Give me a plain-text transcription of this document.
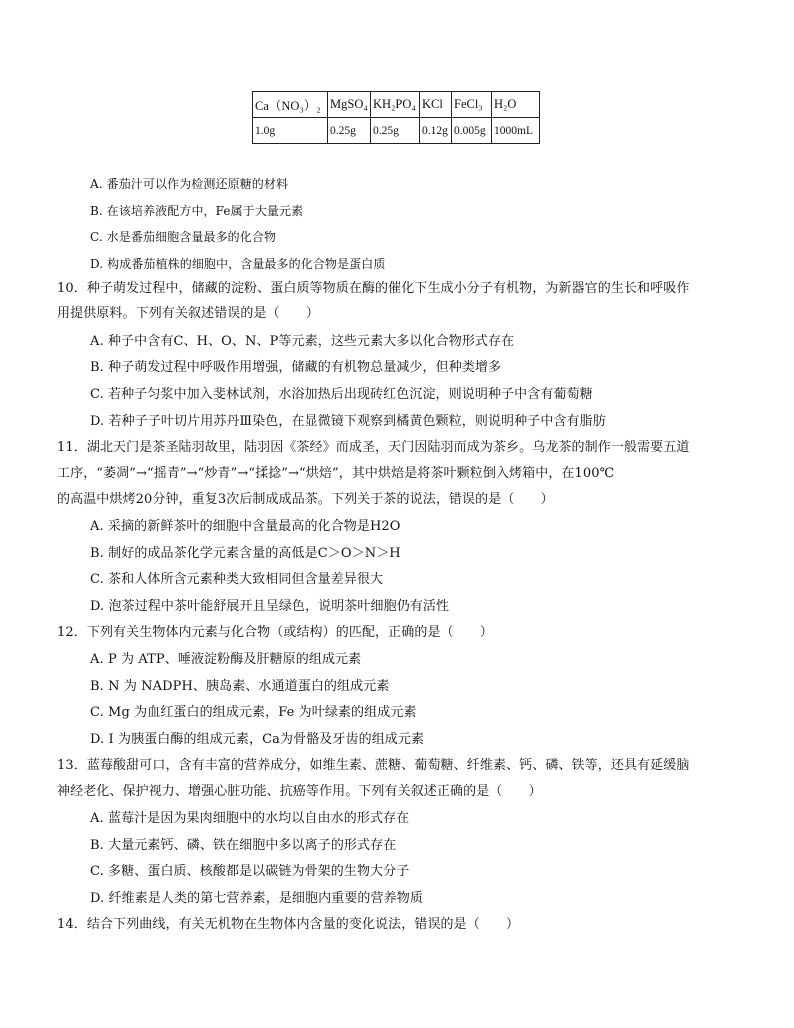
Ca（NO₃）₂	MgSO₄	KH₂PO₄	KCl	FeCl₃	H₂O
1.0g	0.25g	0.25g	0.12g	0.005g	1000mL
A. 番茄汁可以作为检测还原糖的材料
B. 在该培养液配方中，Fe属于大量元素
C. 水是番茄细胞含量最多的化合物
D. 构成番茄植株的细胞中，含量最多的化合物是蛋白质
10．种子萌发过程中，储藏的淀粉、蛋白质等物质在酶的催化下生成小分子有机物，为新器官的生长和呼吸作
用提供原料。下列有关叙述错误的是（　　）
A. 种子中含有C、H、O、N、P等元素，这些元素大多以化合物形式存在
B. 种子萌发过程中呼吸作用增强，储藏的有机物总量减少，但种类增多
C. 若种子匀浆中加入斐林试剂，水浴加热后出现砖红色沉淀，则说明种子中含有葡萄糖
D. 若种子子叶切片用苏丹Ⅲ染色，在显微镜下观察到橘黄色颗粒，则说明种子中含有脂肪
11．湖北天门是茶圣陆羽故里，陆羽因《茶经》而成圣，天门因陆羽而成为茶乡。乌龙茶的制作一般需要五道
工序，“萎凋”→“摇青”→“炒青”→“揉捻”→“烘焙”，其中烘焙是将茶叶颗粒倒入烤箱中，在100℃
的高温中烘烤20分钟，重复3次后制成成品茶。下列关于茶的说法，错误的是（　　）
A. 采摘的新鲜茶叶的细胞中含量最高的化合物是H2O
B. 制好的成品茶化学元素含量的高低是C＞O＞N＞H
C. 茶和人体所含元素种类大致相同但含量差异很大
D. 泡茶过程中茶叶能舒展开且呈绿色，说明茶叶细胞仍有活性
12．下列有关生物体内元素与化合物（或结构）的匹配，正确的是（　　）
A. P 为 ATP、唾液淀粉酶及肝糖原的组成元素
B. N 为 NADPH、胰岛素、水通道蛋白的组成元素
C. Mg 为血红蛋白的组成元素，Fe 为叶绿素的组成元素
D. I 为胰蛋白酶的组成元素，Ca为骨骼及牙齿的组成元素
13．蓝莓酸甜可口，含有丰富的营养成分，如维生素、蔗糖、葡萄糖、纤维素、钙、磷、铁等，还具有延缓脑
神经老化、保护视力、增强心脏功能、抗癌等作用。下列有关叙述正确的是（　　）
A. 蓝莓汁是因为果肉细胞中的水均以自由水的形式存在
B. 大量元素钙、磷、铁在细胞中多以离子的形式存在
C. 多糖、蛋白质、核酸都是以碳链为骨架的生物大分子
D. 纤维素是人类的第七营养素，是细胞内重要的营养物质
14．结合下列曲线，有关无机物在生物体内含量的变化说法，错误的是（　　）
